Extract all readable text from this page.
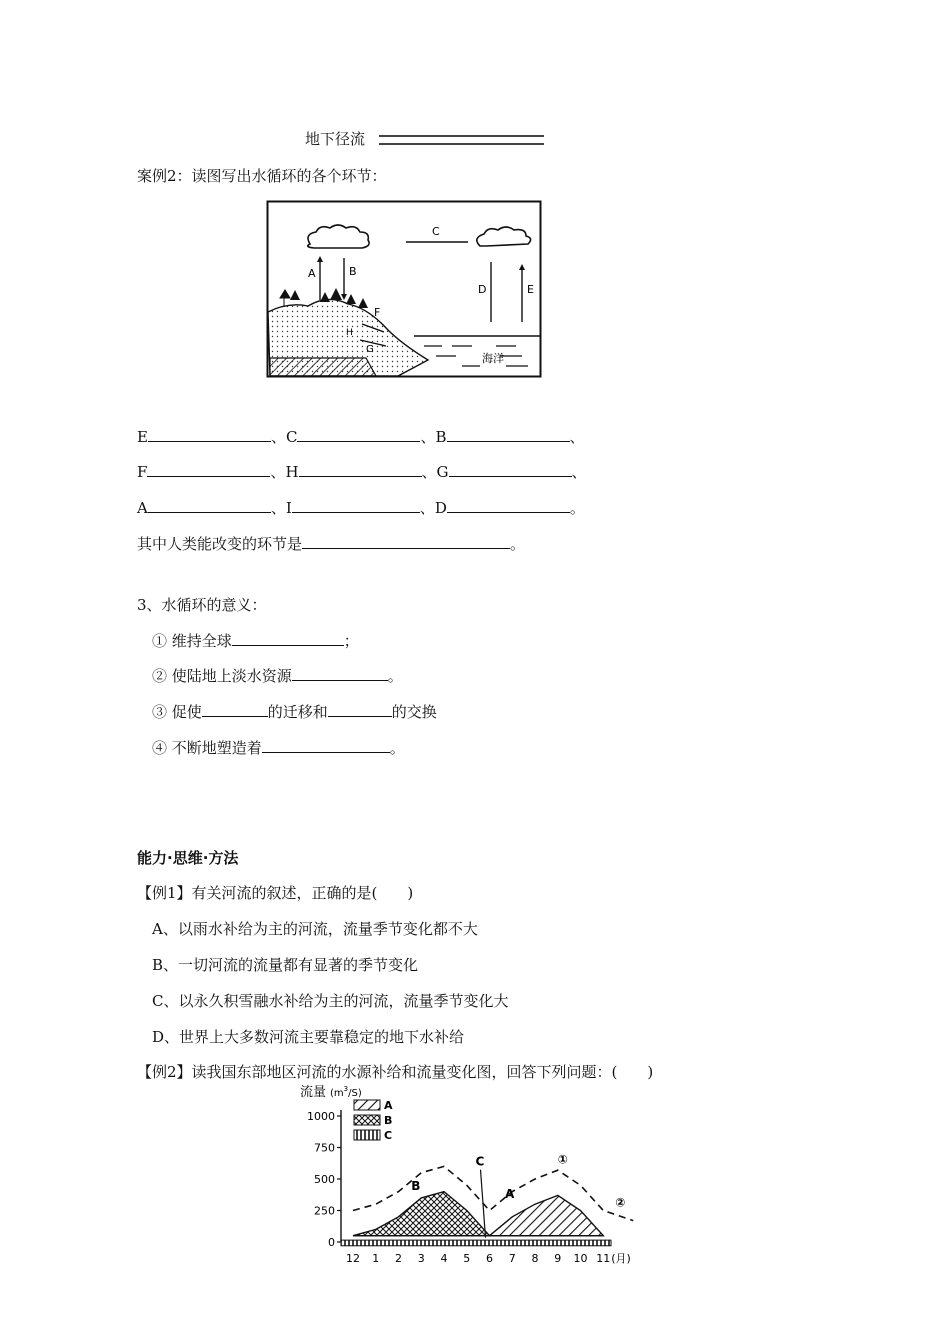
地下径流
案例2：读图写出水循环的各个环节：
C
A	B
D	E
F
H
G
海洋
E	、C	、B	、
F	、H	、G	、
A	、I	、D	。
其中人类能改变的环节是	。
3、水循环的意义：
① 维持全球	；
② 使陆地上淡水资源	。
③ 促使	的迁移和	的交换
④ 不断地塑造着	。
能力·思维·方法
【例1】有关河流的叙述，正确的是(　　)
A、以雨水补给为主的河流，流量季节变化都不大
B、一切河流的流量都有显著的季节变化
C、以永久积雪融水补给为主的河流，流量季节变化大
D、世界上大多数河流主要靠稳定的地下水补给
【例2】读我国东部地区河流的水源补给和流量变化图，回答下列问题：(　　)
流量 ($m^3_{/S)}$
1000
750
500
250
0
12 1 2 3 4 5 6 7 8 9 10 11 (月)
A
B
C
A
B
C	①
②
